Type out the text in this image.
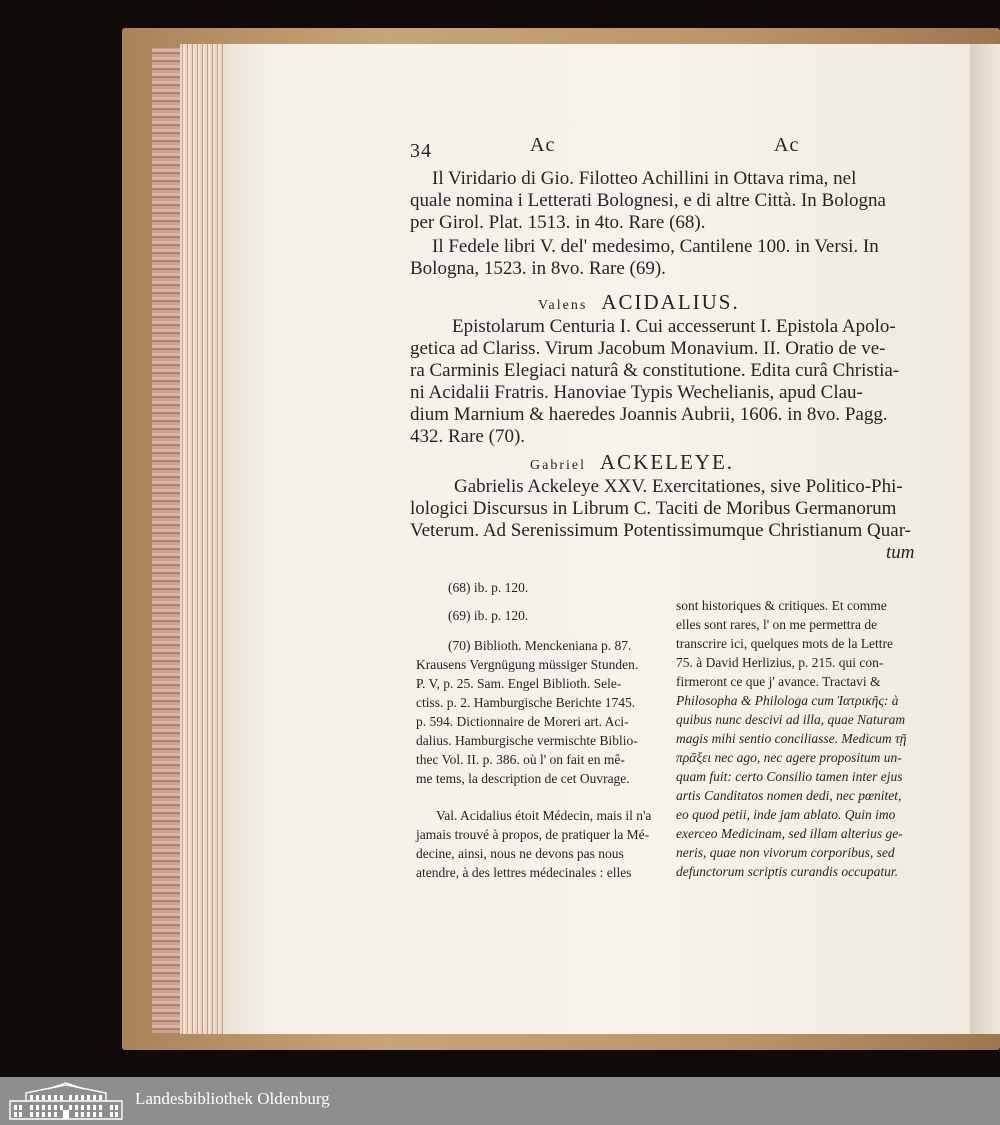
34	Ac	Ac
Il Viridario di Gio. Filotteo Achillini in Ottava rima, nel
quale nomina i Letterati Bolognesi, e di altre Città. In Bologna
per Girol. Plat. 1513. in 4to. Rare (68).
Il Fedele libri V. del' medesimo, Cantilene 100. in Versi. In
Bologna, 1523. in 8vo. Rare (69).
Valens ACIDALIUS.
Epistolarum Centuria I. Cui accesserunt I. Epistola Apolo-
getica ad Clariss. Virum Jacobum Monavium. II. Oratio de ve-
ra Carminis Elegiaci naturâ & constitutione. Edita curâ Christia-
ni Acidalii Fratris. Hanoviae Typis Wechelianis, apud Clau-
dium Marnium & haeredes Joannis Aubrii, 1606. in 8vo. Pagg.
432. Rare (70).
Gabriel ACKELEYE.
Gabrielis Ackeleye XXV. Exercitationes, sive Politico-Phi-
lologici Discursus in Librum C. Taciti de Moribus Germanorum
Veterum. Ad Serenissimum Potentissimumque Christianum Quar-
tum
(68) ib. p. 120.
(69) ib. p. 120.
(70) Biblioth. Menckeniana p. 87.
Krausens Vergnügung müssiger Stunden.
P. V, p. 25. Sam. Engel Biblioth. Sele-
ctiss. p. 2. Hamburgische Berichte 1745.
p. 594. Dictionnaire de Moreri art. Aci-
dalius. Hamburgische vermischte Biblio-
thec Vol. II. p. 386. où l' on fait en mê-
me tems, la description de cet Ouvrage.
Val. Acidalius étoit Médecin, mais il n'a
jamais trouvé à propos, de pratiquer la Mé-
decine, ainsi, nous ne devons pas nous
atendre, à des lettres médecinales : elles
sont historiques & critiques. Et comme
elles sont rares, l' on me permettra de
transcrire ici, quelques mots de la Lettre
75. à David Herlizius, p. 215. qui con-
firmeront ce que j' avance. Tractavi &
Philosopha & Philologa cum Ἰατρικῆς: à
quibus nunc descivi ad illa, quae Naturam
magis mihi sentio conciliasse. Medicum τῇ
πρᾶξει nec ago, nec agere propositum un-
quam fuit: certo Consilio tamen inter ejus
artis Canditatos nomen dedi, nec pœnitet,
eo quod petii, inde jam ablato. Quin imo
exerceo Medicinam, sed illam alterius ge-
neris, quae non vivorum corporibus, sed
defunctorum scriptis curandis occupatur.
Landesbibliothek Oldenburg
